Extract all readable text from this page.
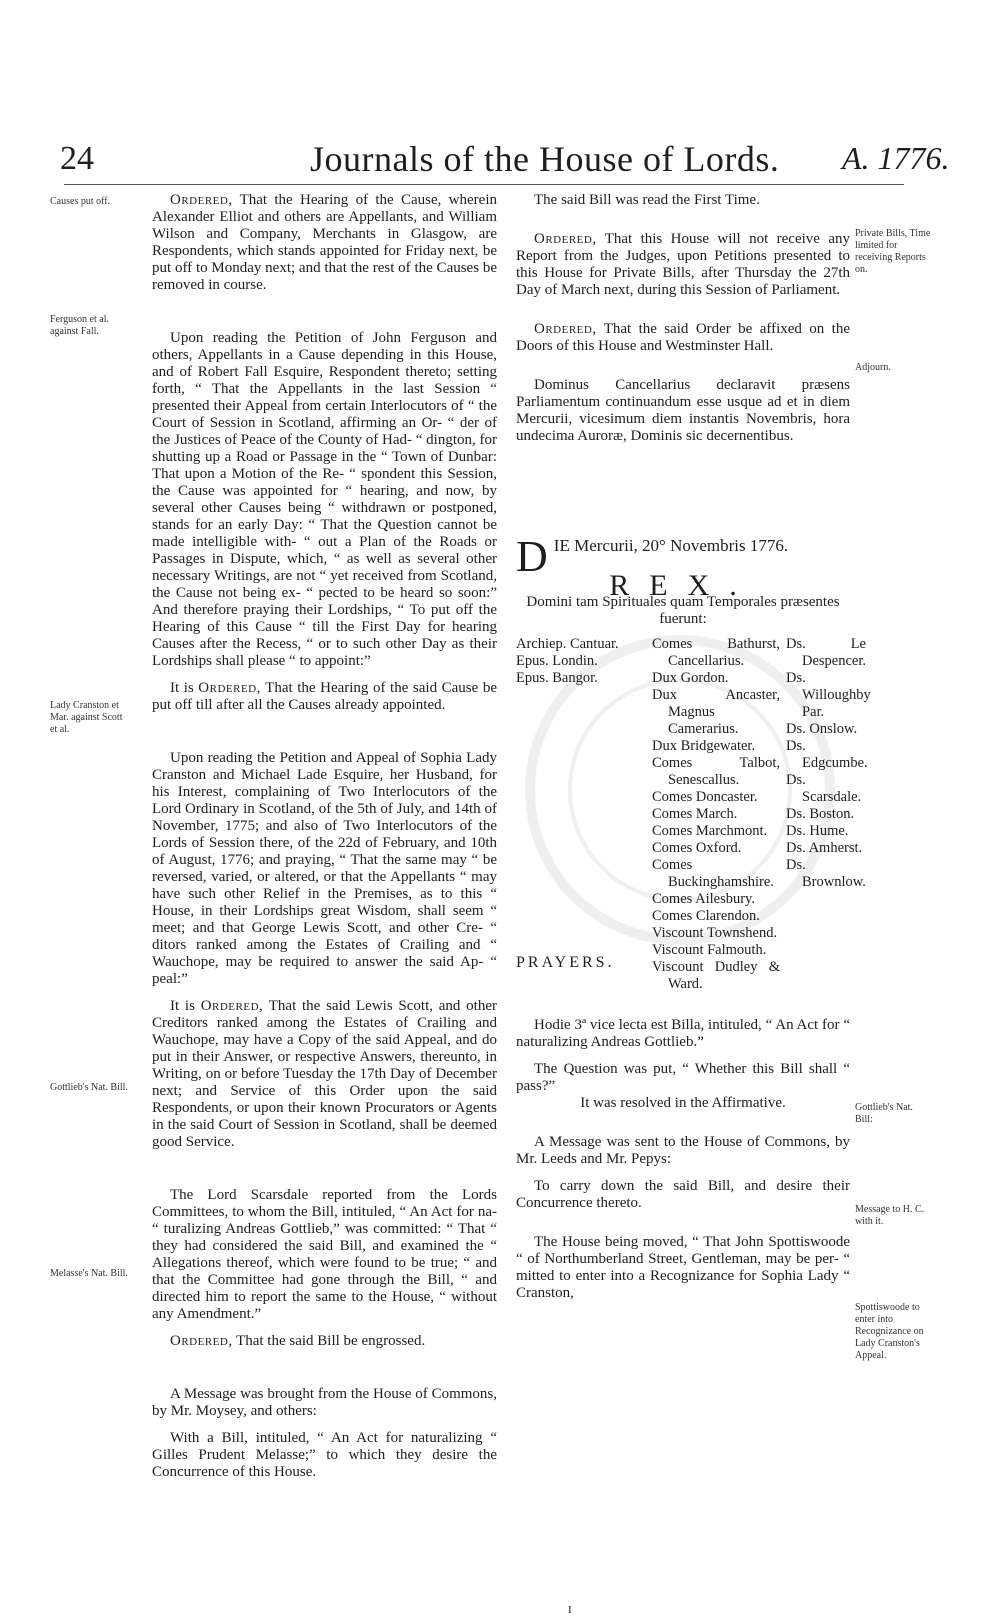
24	Journals of the House of Lords. A. 1776.
Causes put off.
Ferguson et al. against Fall.
Lady Cranston et Mar. against Scott et al.
Gottlieb's Nat. Bill.
Melasse's Nat. Bill.
Private Bills, Time limited for receiving Reports on.
Adjourn.
Gottlieb's Nat. Bill:
Message to H. C. with it.
Spottiswoode to enter into Recognizance on Lady Cranston's Appeal.

Ordered, That the Hearing of the Cause, wherein Alexander Elliot and others are Appellants, and William Wilson and Company, Merchants in Glasgow, are Respondents, which stands appointed for Friday next, be put off to Monday next; and that the rest of the Causes be removed in course.

Upon reading the Petition of John Ferguson and others, Appellants in a Cause depending in this House, and of Robert Fall Esquire, Respondent thereto; setting forth, “ That the Appellants in the last Session “ presented their Appeal from certain Interlocutors of “ the Court of Session in Scotland, affirming an Or- “ der of the Justices of Peace of the County of Had- “ dington, for shutting up a Road or Passage in the “ Town of Dunbar: That upon a Motion of the Re- “ spondent this Session, the Cause was appointed for “ hearing, and now, by several other Causes being “ withdrawn or postponed, stands for an early Day: “ That the Question cannot be made intelligible with- “ out a Plan of the Roads or Passages in Dispute, which, “ as well as several other necessary Writings, are not “ yet received from Scotland, the Cause not being ex- “ pected to be heard so soon:” And therefore praying their Lordships, “ To put off the Hearing of this Cause “ till the First Day for hearing Causes after the Recess, “ or to such other Day as their Lordships shall please “ to appoint:”

It is Ordered, That the Hearing of the said Cause be put off till after all the Causes already appointed.

Upon reading the Petition and Appeal of Sophia Lady Cranston and Michael Lade Esquire, her Husband, for his Interest, complaining of Two Interlocutors of the Lord Ordinary in Scotland, of the 5th of July, and 14th of November, 1775; and also of Two Interlocutors of the Lords of Session there, of the 22d of February, and 10th of August, 1776; and praying, “ That the same may “ be reversed, varied, or altered, or that the Appellants “ may have such other Relief in the Premises, as to this “ House, in their Lordships great Wisdom, shall seem “ meet; and that George Lewis Scott, and other Cre- “ ditors ranked among the Estates of Crailing and “ Wauchope, may be required to answer the said Ap- “ peal:”

It is Ordered, That the said Lewis Scott, and other Creditors ranked among the Estates of Crailing and Wauchope, may have a Copy of the said Appeal, and do put in their Answer, or respective Answers, thereunto, in Writing, on or before Tuesday the 17th Day of December next; and Service of this Order upon the said Respondents, or upon their known Procurators or Agents in the said Court of Session in Scotland, shall be deemed good Service.

The Lord Scarsdale reported from the Lords Committees, to whom the Bill, intituled, “ An Act for na- “ turalizing Andreas Gottlieb,” was committed: “ That “ they had considered the said Bill, and examined the “ Allegations thereof, which were found to be true; “ and that the Committee had gone through the Bill, “ and directed him to report the same to the House, “ without any Amendment.”

Ordered, That the said Bill be engrossed.

A Message was brought from the House of Commons, by Mr. Moysey, and others:

With a Bill, intituled, “ An Act for naturalizing “ Gilles Prudent Melasse;” to which they desire the Concurrence of this House.

The said Bill was read the First Time.

Ordered, That this House will not receive any Report from the Judges, upon Petitions presented to this House for Private Bills, after Thursday the 27th Day of March next, during this Session of Parliament.

Ordered, That the said Order be affixed on the Doors of this House and Westminster Hall.

Dominus Cancellarius declaravit præsens Parliamentum continuandum esse usque ad et in diem Mercurii, vicesimum diem instantis Novembris, hora undecima Auroræ, Dominis sic decernentibus.

DIE Mercurii, 20° Novembris 1776.

REX.

Domini tam Spirituales quam Temporales præsentes fuerunt:

Archiep. Cantuar.
Epus. Londin.
Epus. Bangor.
Comes Bathurst, Cancellarius.
Dux Gordon.
Dux Ancaster, Magnus Camerarius.
Dux Bridgewater.
Comes Talbot, Senescallus.
Comes Doncaster.
Comes March.
Comes Marchmont.
Comes Oxford.
Comes Buckinghamshire.
Comes Ailesbury.
Comes Clarendon.
Viscount Townshend.
Viscount Falmouth.
Viscount Dudley & Ward.
Ds. Le Despencer.
Ds. Willoughby Par.
Ds. Onslow.
Ds. Edgcumbe.
Ds. Scarsdale.
Ds. Boston.
Ds. Hume.
Ds. Amherst.
Ds. Brownlow.

PRAYERS.

Hodie 3ª vice lecta est Billa, intituled, “ An Act for “ naturalizing Andreas Gottlieb.”

The Question was put, “ Whether this Bill shall “ pass?”

It was resolved in the Affirmative.

A Message was sent to the House of Commons, by Mr. Leeds and Mr. Pepys:

To carry down the said Bill, and desire their Concurrence thereto.

The House being moved, “ That John Spottiswoode “ of Northumberland Street, Gentleman, may be per- “ mitted to enter into a Recognizance for Sophia Lady “ Cranston,

I
